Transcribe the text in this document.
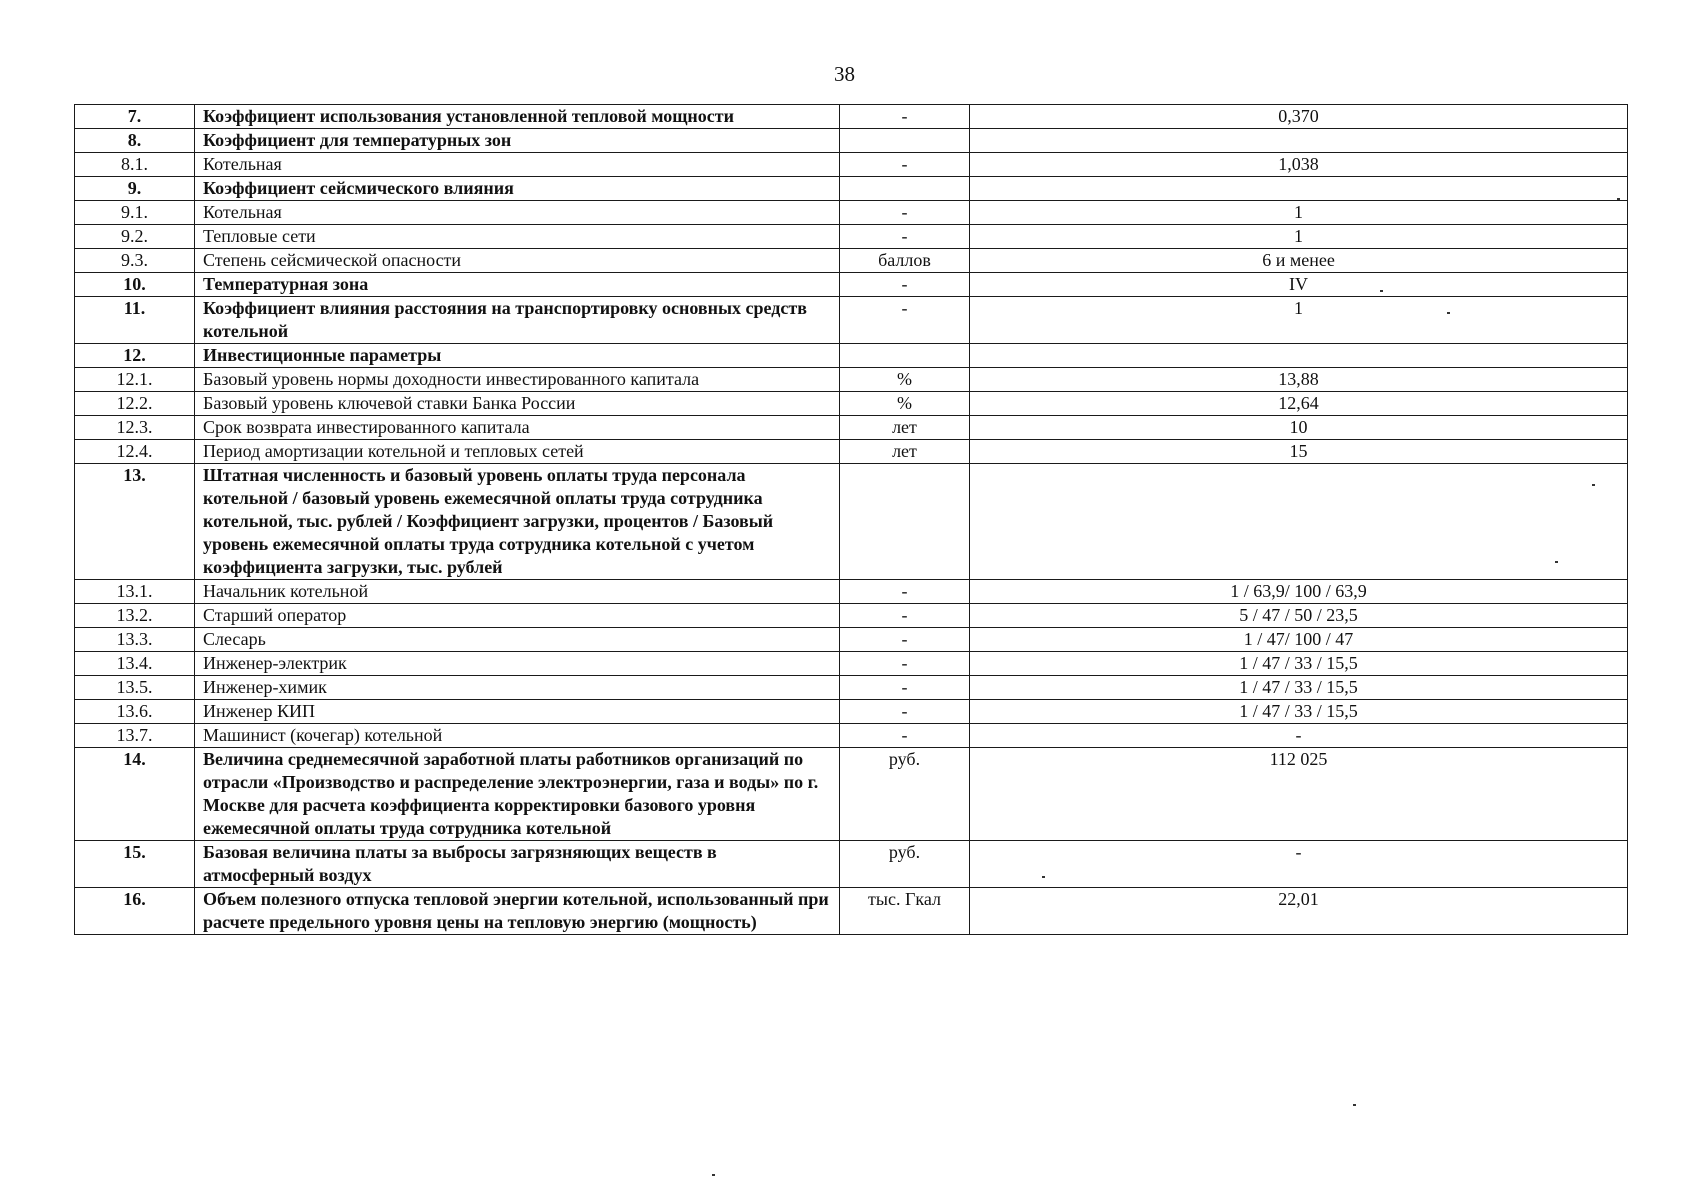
38
7.	Коэффициент использования установленной тепловой мощности	-	0,370
8.	Коэффициент для температурных зон		
8.1.	Котельная	-	1,038
9.	Коэффициент сейсмического влияния		
9.1.	Котельная	-	1
9.2.	Тепловые сети	-	1
9.3.	Степень сейсмической опасности	баллов	6 и менее
10.	Температурная зона	-	IV
11.	Коэффициент влияния расстояния на транспортировку основных средств котельной	-	1
12.	Инвестиционные параметры		
12.1.	Базовый уровень нормы доходности инвестированного капитала	%	13,88
12.2.	Базовый уровень ключевой ставки Банка России	%	12,64
12.3.	Срок возврата инвестированного капитала	лет	10
12.4.	Период амортизации котельной и тепловых сетей	лет	15
13.	Штатная численность и базовый уровень оплаты труда персонала котельной / базовый уровень ежемесячной оплаты труда сотрудника котельной, тыс. рублей / Коэффициент загрузки, процентов / Базовый уровень ежемесячной оплаты труда сотрудника котельной с учетом коэффициента загрузки, тыс. рублей		
13.1.	Начальник котельной	-	1 / 63,9/ 100 / 63,9
13.2.	Старший оператор	-	5 / 47 / 50 / 23,5
13.3.	Слесарь	-	1 / 47/ 100 / 47
13.4.	Инженер-электрик	-	1 / 47 / 33 / 15,5
13.5.	Инженер-химик	-	1 / 47 / 33 / 15,5
13.6.	Инженер КИП	-	1 / 47 / 33 / 15,5
13.7.	Машинист (кочегар) котельной	-	-
14.	Величина среднемесячной заработной платы работников организаций по отрасли «Производство и распределение электроэнергии, газа и воды» по г. Москве для расчета коэффициента корректировки базового уровня ежемесячной оплаты труда сотрудника котельной	руб.	112 025
15.	Базовая величина платы за выбросы загрязняющих веществ в атмосферный воздух	руб.	-
16.	Объем полезного отпуска тепловой энергии котельной, использованный при расчете предельного уровня цены на тепловую энергию (мощность)	тыс. Гкал	22,01
